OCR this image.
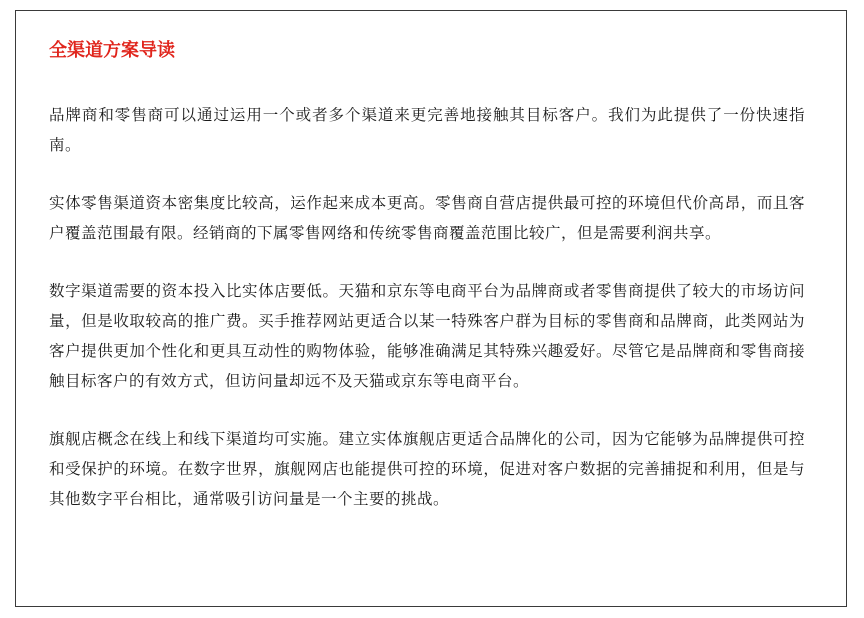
全渠道方案导读

品牌商和零售商可以通过运用一个或者多个渠道来更完善地接触其目标客户。我们为此提供了一份快速指南。

实体零售渠道资本密集度比较高，运作起来成本更高。零售商自营店提供最可控的环境但代价高昂，而且客户覆盖范围最有限。经销商的下属零售网络和传统零售商覆盖范围比较广，但是需要利润共享。

数字渠道需要的资本投入比实体店要低。天猫和京东等电商平台为品牌商或者零售商提供了较大的市场访问量，但是收取较高的推广费。买手推荐网站更适合以某一特殊客户群为目标的零售商和品牌商，此类网站为客户提供更加个性化和更具互动性的购物体验，能够准确满足其特殊兴趣爱好。尽管它是品牌商和零售商接触目标客户的有效方式，但访问量却远不及天猫或京东等电商平台。

旗舰店概念在线上和线下渠道均可实施。建立实体旗舰店更适合品牌化的公司，因为它能够为品牌提供可控和受保护的环境。在数字世界，旗舰网店也能提供可控的环境，促进对客户数据的完善捕捉和利用，但是与其他数字平台相比，通常吸引访问量是一个主要的挑战。
